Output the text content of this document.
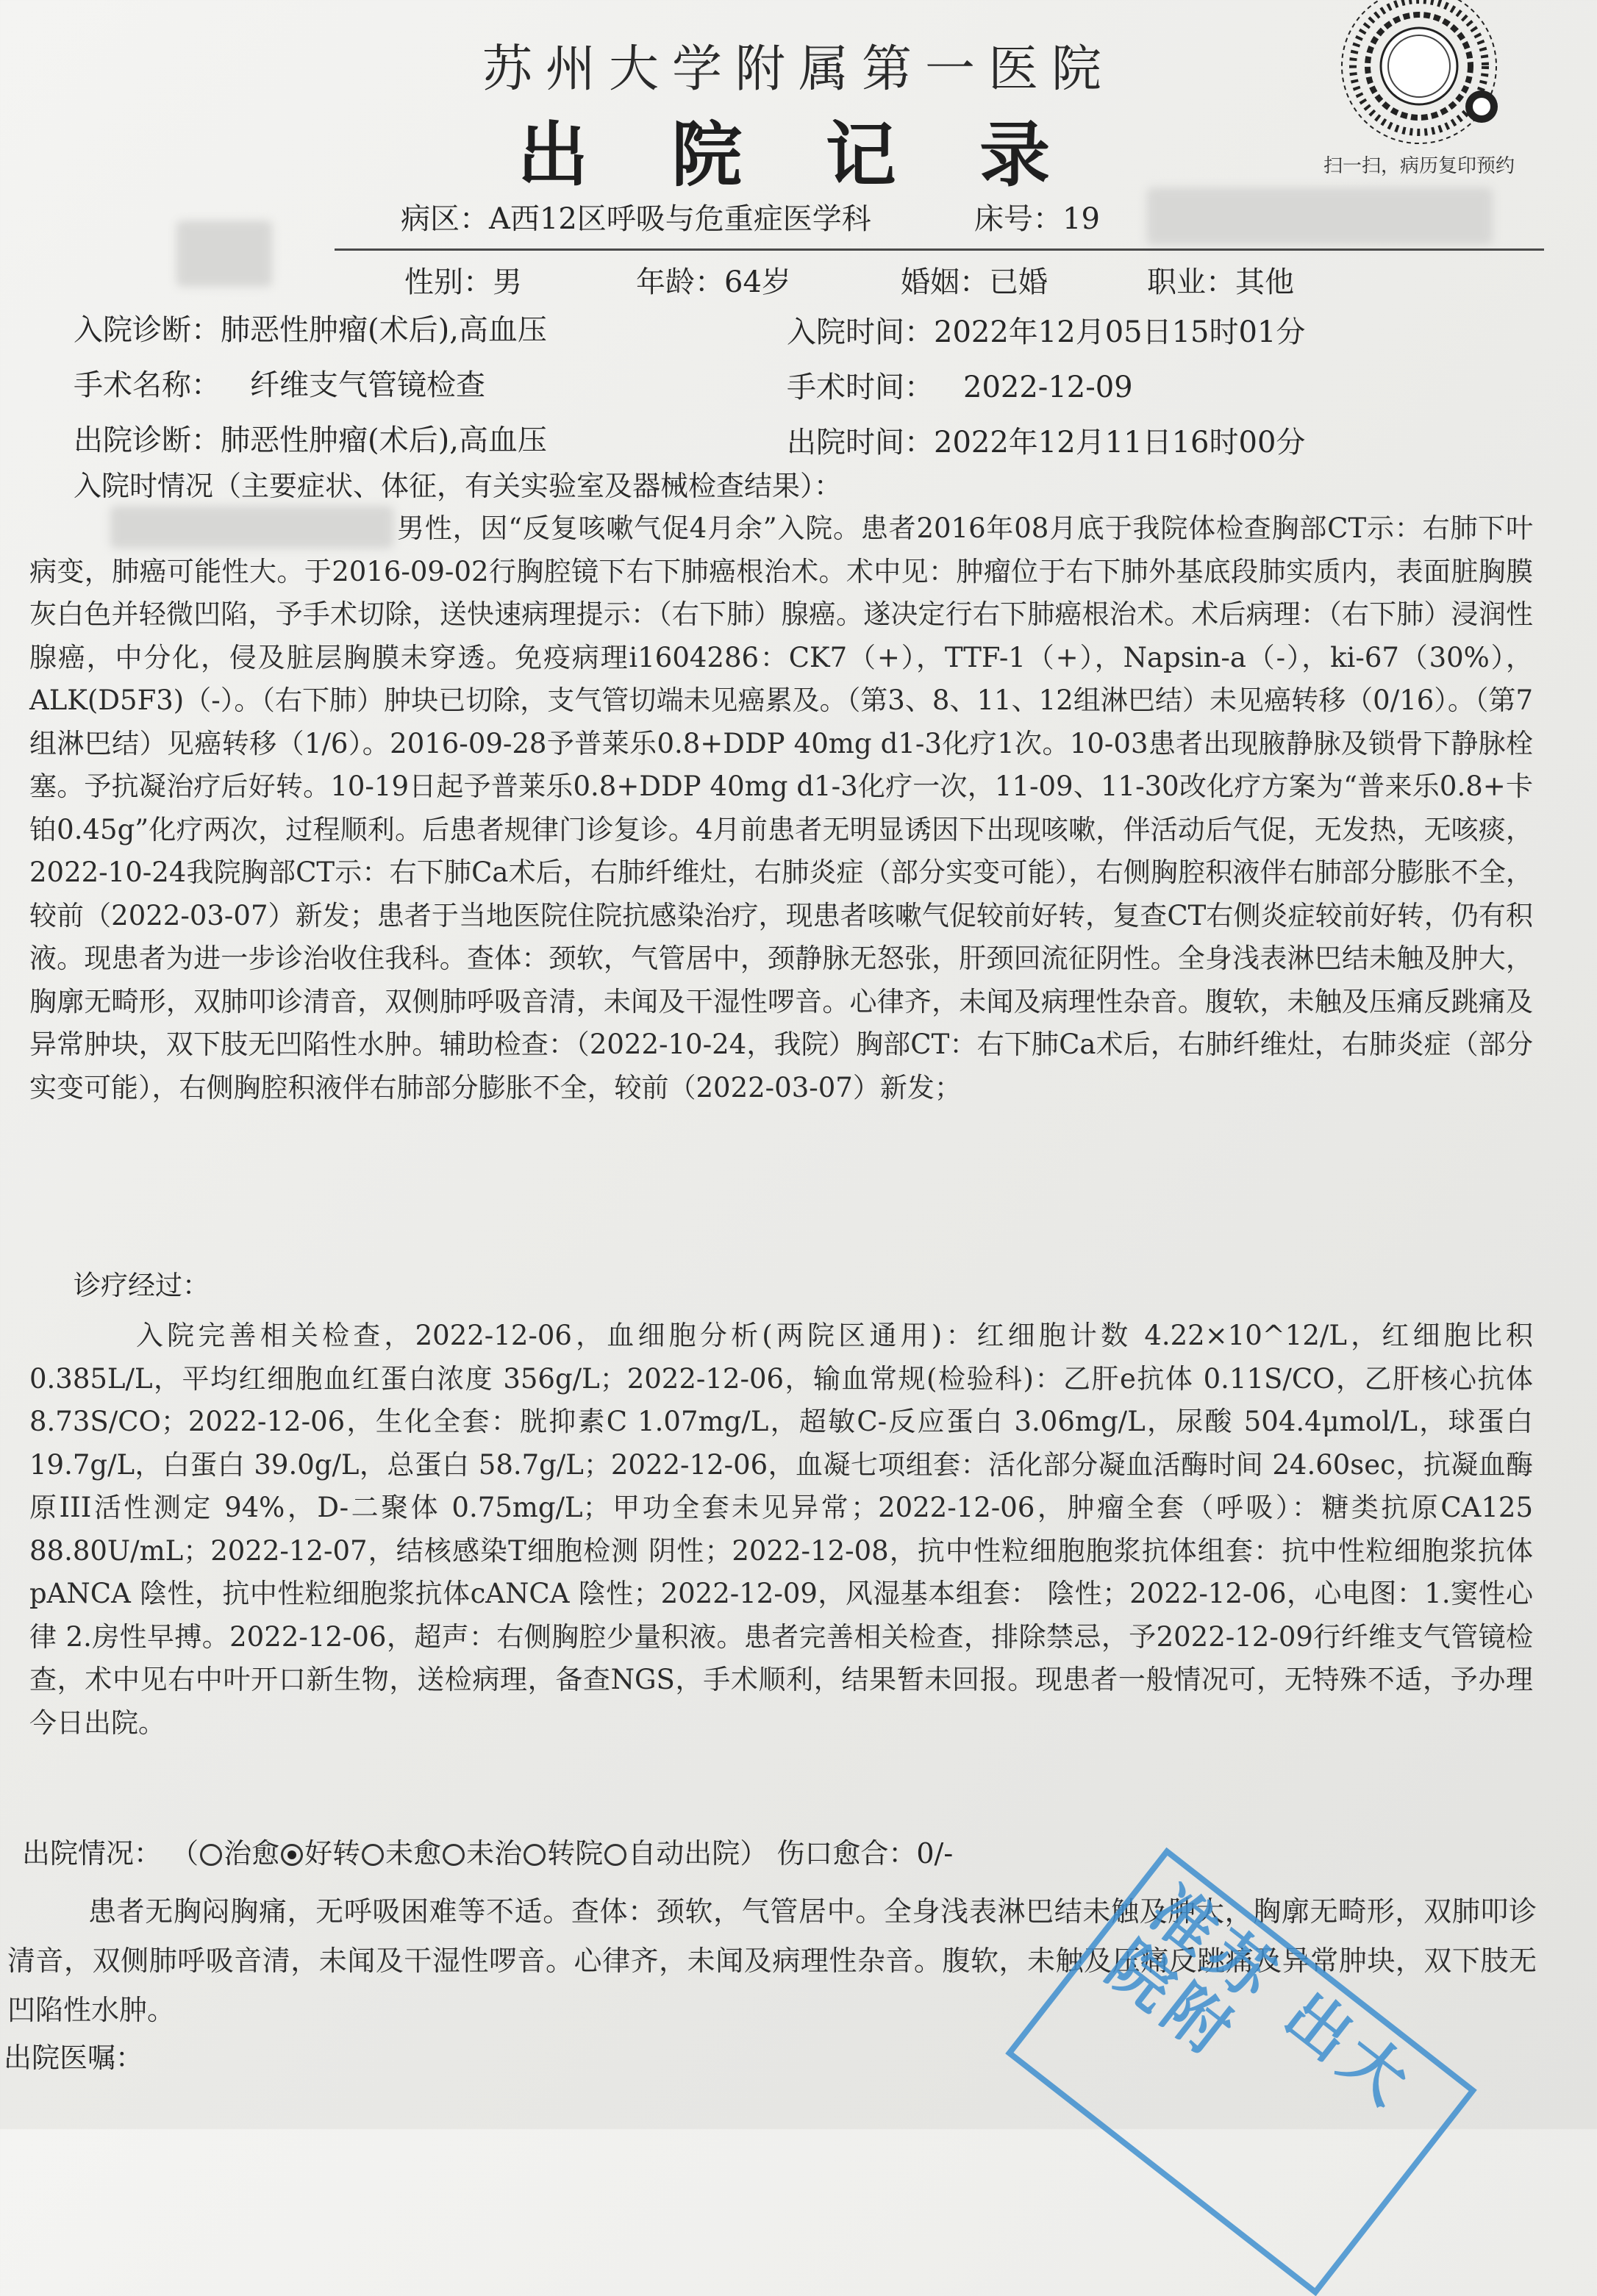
苏州大学附属第一医院
出 院 记 录	扫一扫，病历复印预约
病区：A西12区呼吸与危重症医学科	床号：19
性别：男	年龄：64岁	婚姻：已婚	职业：其他
入院诊断：肺恶性肿瘤(术后),高血压	入院时间：2022年12月05日15时01分
手术名称： 纤维支气管镜检查	手术时间： 2022-12-09
出院诊断：肺恶性肿瘤(术后),高血压	出院时间：2022年12月11日16时00分
入院时情况（主要症状、体征，有关实验室及器械检查结果）：
男性，因“反复咳嗽气促4月余”入院。患者2016年08月底于我院体检查胸部CT示：右肺下叶病变，肺癌可能性大。于2016-09-02行胸腔镜下右下肺癌根治术。术中见：肿瘤位于右下肺外基底段肺实质内，表面脏胸膜灰白色并轻微凹陷，予手术切除，送快速病理提示：（右下肺）腺癌。遂决定行右下肺癌根治术。术后病理：（右下肺）浸润性腺癌，中分化，侵及脏层胸膜未穿透。免疫病理i1604286：CK7（+），TTF-1（+），Napsin-a（-），ki-67（30%），ALK(D5F3)（-）。（右下肺）肿块已切除，支气管切端未见癌累及。（第3、8、11、12组淋巴结）未见癌转移（0/16）。（第7组淋巴结）见癌转移（1/6）。2016-09-28予普莱乐0.8+DDP 40mg d1-3化疗1次。10-03患者出现腋静脉及锁骨下静脉栓塞。予抗凝治疗后好转。10-19日起予普莱乐0.8+DDP 40mg d1-3化疗一次，11-09、11-30改化疗方案为“普来乐0.8+卡铂0.45g”化疗两次，过程顺利。后患者规律门诊复诊。4月前患者无明显诱因下出现咳嗽，伴活动后气促，无发热，无咳痰，2022-10-24我院胸部CT示：右下肺Ca术后，右肺纤维灶，右肺炎症（部分实变可能），右侧胸腔积液伴右肺部分膨胀不全，较前（2022-03-07）新发；患者于当地医院住院抗感染治疗，现患者咳嗽气促较前好转，复查CT右侧炎症较前好转，仍有积液。现患者为进一步诊治收住我科。查体：颈软，气管居中，颈静脉无怒张，肝颈回流征阴性。全身浅表淋巴结未触及肿大，胸廓无畸形，双肺叩诊清音，双侧肺呼吸音清，未闻及干湿性啰音。心律齐，未闻及病理性杂音。腹软，未触及压痛反跳痛及异常肿块，双下肢无凹陷性水肿。辅助检查：（2022-10-24，我院）胸部CT：右下肺Ca术后，右肺纤维灶，右肺炎症（部分实变可能），右侧胸腔积液伴右肺部分膨胀不全，较前（2022-03-07）新发；
诊疗经过：
入院完善相关检查，2022-12-06，血细胞分析(两院区通用)：红细胞计数 4.22×10^12/L，红细胞比积 0.385L/L，平均红细胞血红蛋白浓度 356g/L；2022-12-06，输血常规(检验科)：乙肝e抗体 0.11S/CO，乙肝核心抗体 8.73S/CO；2022-12-06，生化全套：胱抑素C 1.07mg/L，超敏C-反应蛋白 3.06mg/L，尿酸 504.4μmol/L，球蛋白 19.7g/L，白蛋白 39.0g/L，总蛋白 58.7g/L；2022-12-06，血凝七项组套：活化部分凝血活酶时间 24.60sec，抗凝血酶原III活性测定 94%，D-二聚体 0.75mg/L；甲功全套未见异常；2022-12-06，肿瘤全套（呼吸）：糖类抗原CA125 88.80U/mL；2022-12-07，结核感染T细胞检测 阴性；2022-12-08，抗中性粒细胞胞浆抗体组套：抗中性粒细胞浆抗体pANCA 陰性，抗中性粒细胞浆抗体cANCA 陰性；2022-12-09，风湿基本组套： 陰性；2022-12-06，心电图：1.窦性心律 2.房性早搏。2022-12-06，超声：右侧胸腔少量积液。患者完善相关检查，排除禁忌，予2022-12-09行纤维支气管镜检查，术中见右中叶开口新生物，送检病理，备查NGS，手术顺利，结果暂未回报。现患者一般情况可，无特殊不适，予办理今日出院。
出院情况： （ 治愈 好转 未愈 未治 转院 自动出院） 伤口愈合：0/-
患者无胸闷胸痛，无呼吸困难等不适。查体：颈软，气管居中。全身浅表淋巴结未触及肿大，胸廓无畸形，双肺叩诊清音，双侧肺呼吸音清，未闻及干湿性啰音。心律齐，未闻及病理性杂音。腹软，未触及压痛反跳痛及异常肿块，双下肢无凹陷性水肿。
出院医嘱：	准苏 出大 院附
